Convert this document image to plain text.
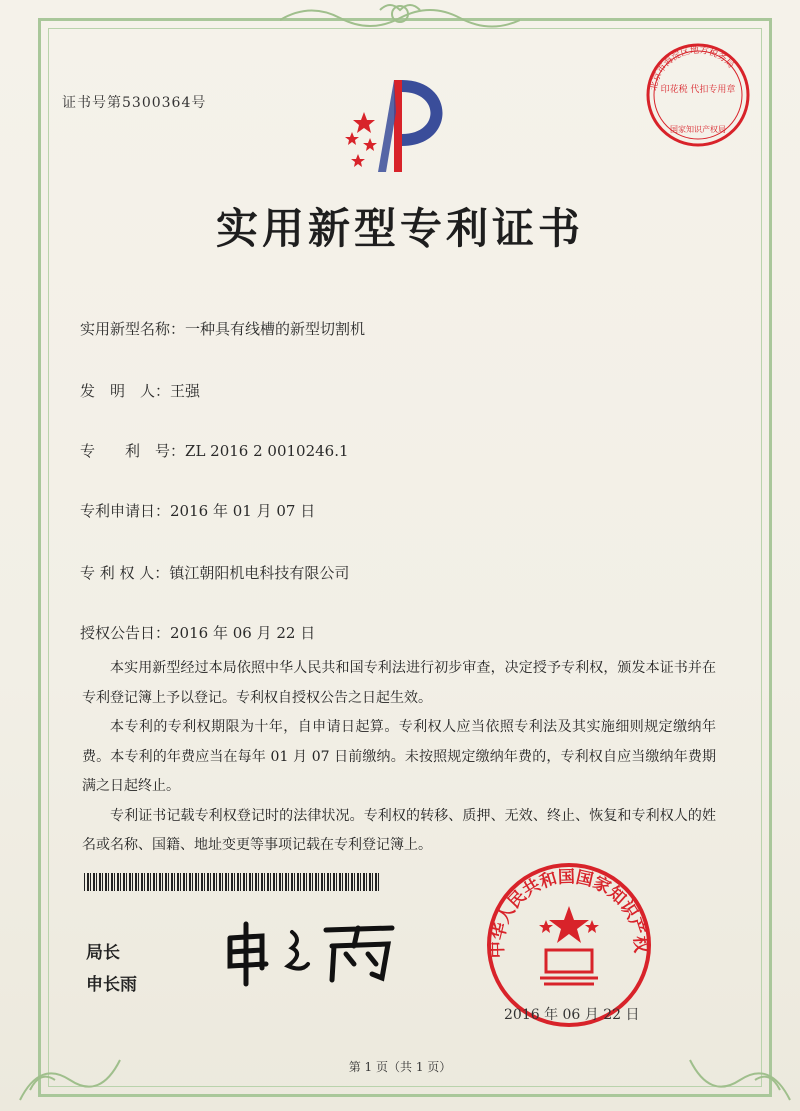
证书号第5300364号
北京市海淀区地方税务局
印花税 代扣专用章
国家知识产权局
实用新型专利证书
实用新型名称：一种具有线槽的新型切割机
发　明　人：王强
专　　利　号：ZL 2016 2 0010246.1
专利申请日：2016 年 01 月 07 日
专 利 权 人：镇江朝阳机电科技有限公司
授权公告日：2016 年 06 月 22 日

本实用新型经过本局依照中华人民共和国专利法进行初步审查，决定授予专利权，颁发本证书并在专利登记簿上予以登记。专利权自授权公告之日起生效。

本专利的专利权期限为十年，自申请日起算。专利权人应当依照专利法及其实施细则规定缴纳年费。本专利的年费应当在每年 01 月 07 日前缴纳。未按照规定缴纳年费的，专利权自应当缴纳年费期满之日起终止。

专利证书记载专利权登记时的法律状况。专利权的转移、质押、无效、终止、恢复和专利权人的姓名或名称、国籍、地址变更等事项记载在专利登记簿上。

局长
申长雨
中华人民共和国国家知识产权
2016 年 06 月 22 日
第 1 页（共 1 页）
